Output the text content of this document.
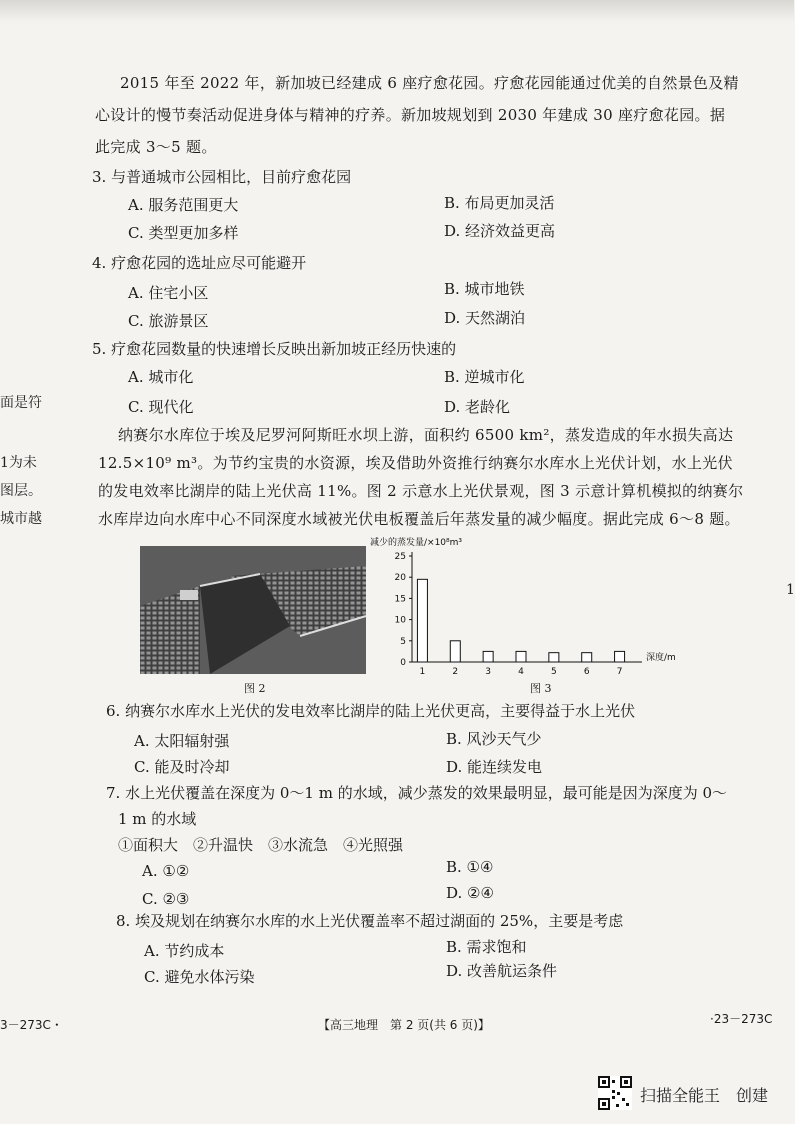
2015 年至 2022 年，新加坡已经建成 6 座疗愈花园。疗愈花园能通过优美的自然景色及精
心设计的慢节奏活动促进身体与精神的疗养。新加坡规划到 2030 年建成 30 座疗愈花园。据
此完成 3～5 题。
3. 与普通城市公园相比，目前疗愈花园
A. 服务范围更大	B. 布局更加灵活
C. 类型更加多样	D. 经济效益更高
4. 疗愈花园的选址应尽可能避开
A. 住宅小区	B. 城市地铁
C. 旅游景区	D. 天然湖泊
5. 疗愈花园数量的快速增长反映出新加坡正经历快速的
A. 城市化	B. 逆城市化
C. 现代化	D. 老龄化
纳赛尔水库位于埃及尼罗河阿斯旺水坝上游，面积约 6500 km²，蒸发造成的年水损失高达
12.5×10⁹ m³。为节约宝贵的水资源，埃及借助外资推行纳赛尔水库水上光伏计划，水上光伏
的发电效率比湖岸的陆上光伏高 11%。图 2 示意水上光伏景观，图 3 示意计算机模拟的纳赛尔
水库岸边向水库中心不同深度水域被光伏电板覆盖后年蒸发量的减少幅度。据此完成 6～8 题。
图 2
减少的蒸发量/×10⁸m³
0
5
10
15
20
25
1	2	3	4	5	6	7
深度/m
图 3
6. 纳赛尔水库水上光伏的发电效率比湖岸的陆上光伏更高，主要得益于水上光伏
A. 太阳辐射强	B. 风沙天气少
C. 能及时冷却	D. 能连续发电
7. 水上光伏覆盖在深度为 0～1 m 的水域，减少蒸发的效果最明显，最可能是因为深度为 0～
1 m 的水域
①面积大　②升温快　③水流急　④光照强
A. ①②	B. ①④
C. ②③	D. ②④
8. 埃及规划在纳赛尔水库的水上光伏覆盖率不超过湖面的 25%，主要是考虑
A. 节约成本	B. 需求饱和
C. 避免水体污染	D. 改善航运条件
面是符
1为未
图层。
城市越
3－273C・
1
·23－273C
【高三地理　第 2 页(共 6 页)】
扫描全能王　创建
